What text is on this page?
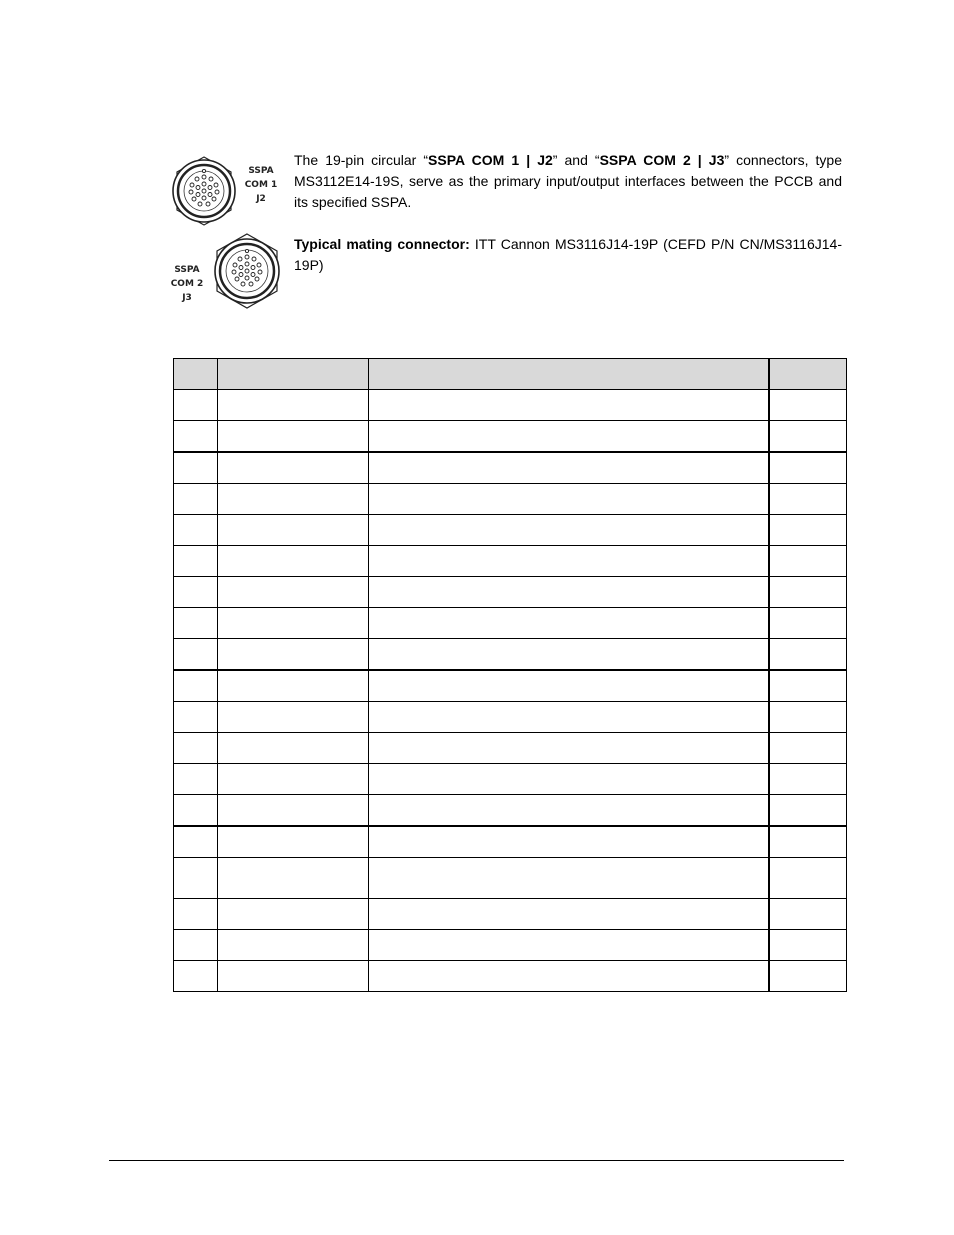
SSPA
COM 1
J2
SSPA
COM 2
J3

The 19-pin circular “SSPA COM 1 | J2” and “SSPA COM 2 | J3” connectors, type MS3112E14-19S, serve as the primary input/output interfaces between the PCCB and its specified SSPA.

Typical mating connector: ITT Cannon MS3116J14-19P (CEFD P/N CN/MS3116J14-19P)
